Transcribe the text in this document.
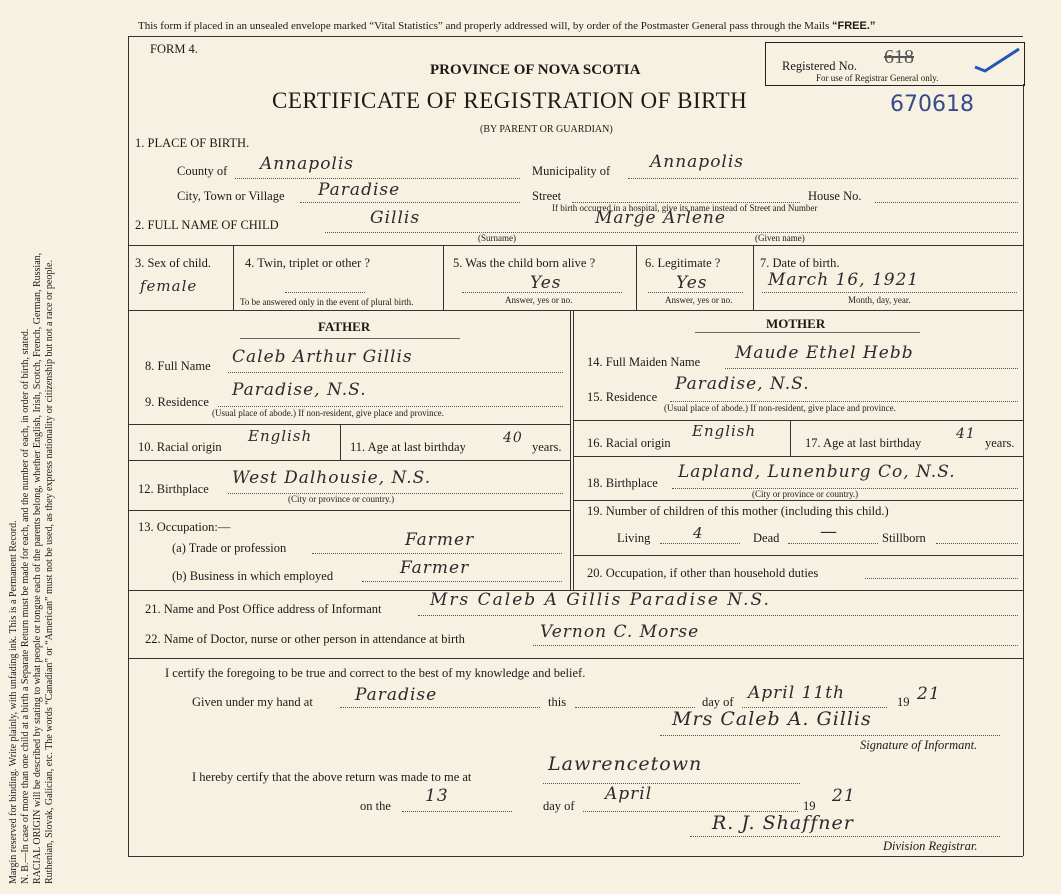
Margin reserved for binding. Write plainly, with unfading ink. This is a Permanent Record. N. B.—In case of more than one child at a birth a Separate Return must be made for each, and the number of each, in order of birth, stated. RACIAL ORIGIN will be described by stating to what people or tongue each of the parents belong, whether English, Irish, Scotch, French, German, Russian, Ruthenian, Slovak, Galician, etc. The words “Canadian” or “American” must not be used, as they express nationality or citizenship but not a race or people.
This form if placed in an unsealed envelope marked “Vital Statistics” and properly addressed will, by order of the Postmaster General pass through the Mails “FREE.”
FORM 4.
PROVINCE OF NOVA SCOTIA
CERTIFICATE OF REGISTRATION OF BIRTH
(BY PARENT OR GUARDIAN)
670618
Registered No. 618
For use of Registrar General only.
1. PLACE OF BIRTH.
County of Annapolis	Municipality of Annapolis
City, Town or Village Paradise	Street
If birth occurred in a hospital, give its name instead of Street and Number
House No.
2. FULL NAME OF CHILD	Gillis
(Surname)
Marge Arlene
(Given name)
3. Sex of child.
female
4. Twin, triplet or other ?
To be answered only in the event of plural birth.
5. Was the child born alive ?
Yes
Answer, yes or no.
6. Legitimate ?
Yes
Answer, yes or no.
7. Date of birth.
March 16, 1921
Month, day, year.
FATHER	MOTHER
8. Full Name Caleb Arthur Gillis
9. Residence
Paradise, N.S.
(Usual place of abode.) If non-resident, give place and province.
10. Racial origin
English
11. Age at last birthday
40
years.
12. Birthplace
West Dalhousie, N.S.
(City or province or country.)
13. Occupation:—
(a) Trade or profession	Farmer
(b) Business in which employed	Farmer
14. Full Maiden Name Maude Ethel Hebb
15. Residence
Paradise, N.S.
(Usual place of abode.) If non-resident, give place and province.
16. Racial origin
English
17. Age at last birthday
41
years.
18. Birthplace
Lapland, Lunenburg Co, N.S.
(City or province or country.)
19. Number of children of this mother (including this child.)
Living	4	Dead —	Stillborn
20. Occupation, if other than household duties
21. Name and Post Office address of Informant	Mrs Caleb A Gillis Paradise N.S.
22. Name of Doctor, nurse or other person in attendance at birth	Vernon C. Morse
I certify the foregoing to be true and correct to the best of my knowledge and belief.
Given under my hand at Paradise	this	day of April 11th	19 21
Mrs Caleb A. Gillis
Signature of Informant.
I hereby certify that the above return was made to me at
Lawrencetown
on the 13	day of
April
19 21
R. J. Shaffner
Division Registrar.
